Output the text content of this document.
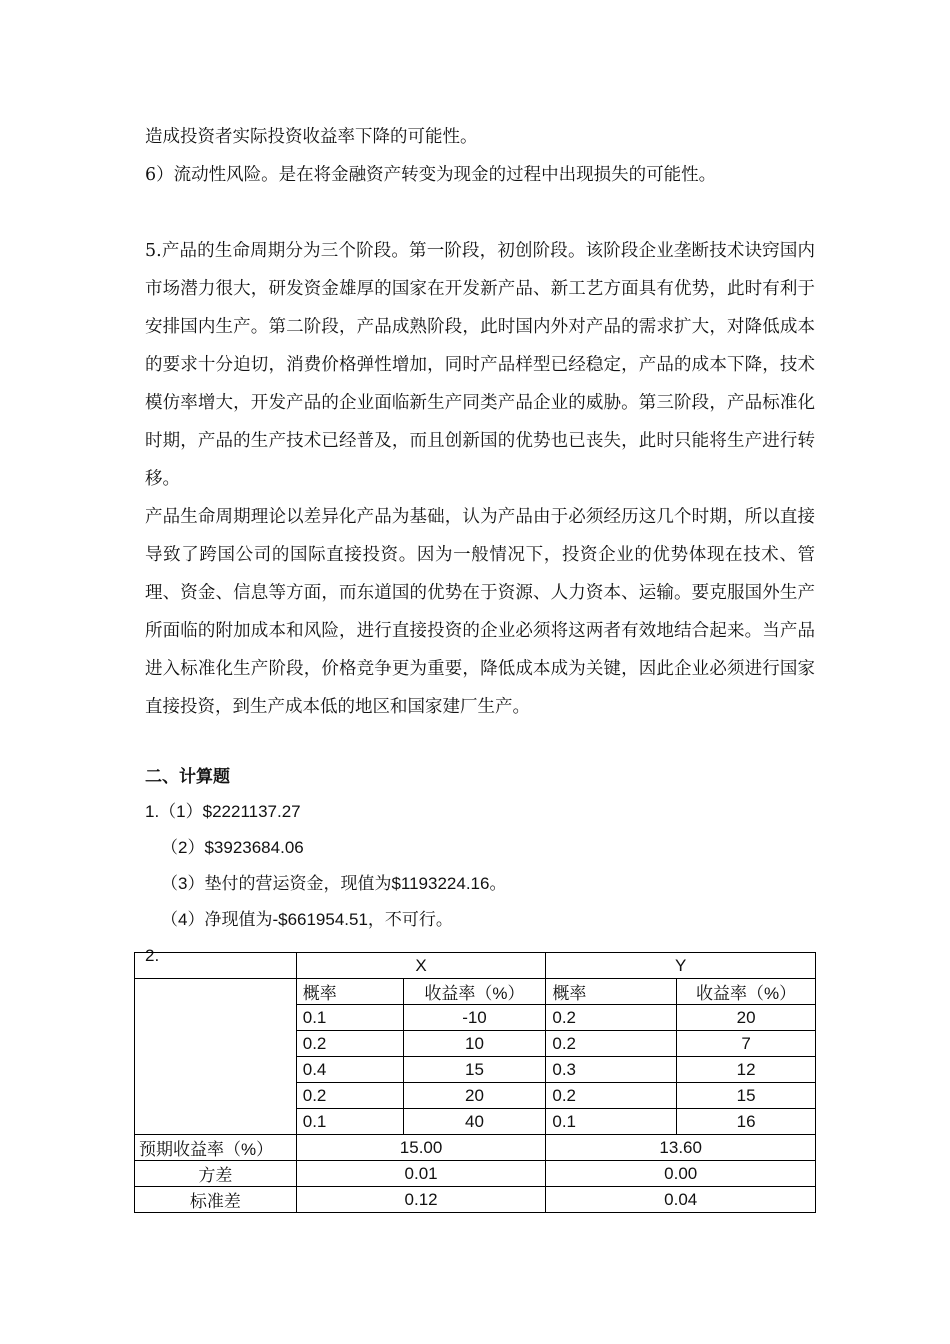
造成投资者实际投资收益率下降的可能性。

6）流动性风险。是在将金融资产转变为现金的过程中出现损失的可能性。

5.产品的生命周期分为三个阶段。第一阶段，初创阶段。该阶段企业垄断技术诀窍国内市场潜力很大，研发资金雄厚的国家在开发新产品、新工艺方面具有优势，此时有利于安排国内生产。第二阶段，产品成熟阶段，此时国内外对产品的需求扩大，对降低成本的要求十分迫切，消费价格弹性增加，同时产品样型已经稳定，产品的成本下降，技术模仿率增大，开发产品的企业面临新生产同类产品企业的威胁。第三阶段，产品标准化时期，产品的生产技术已经普及，而且创新国的优势也已丧失，此时只能将生产进行转移。

产品生命周期理论以差异化产品为基础，认为产品由于必须经历这几个时期，所以直接导致了跨国公司的国际直接投资。因为一般情况下，投资企业的优势体现在技术、管理、资金、信息等方面，而东道国的优势在于资源、人力资本、运输。要克服国外生产所面临的附加成本和风险，进行直接投资的企业必须将这两者有效地结合起来。当产品进入标准化生产阶段，价格竞争更为重要，降低成本成为关键，因此企业必须进行国家直接投资，到生产成本低的地区和国家建厂生产。

二、计算题
1.（1）$2221137.27
（2）$3923684.06
（3）垫付的营运资金，现值为$1193224.16。
（4）净现值为-$661954.51，不可行。
2.
		X		Y	
	概率	收益率（%）	概率	收益率（%）
	0.1	-10	0.2	20
	0.2	10	0.2	7
	0.4	15	0.3	12
	0.2	20	0.2	15
	0.1	40	0.1	16
预期收益率（%）	15.00		13.60	
方差	0.01		0.00	
标准差	0.12		0.04	
